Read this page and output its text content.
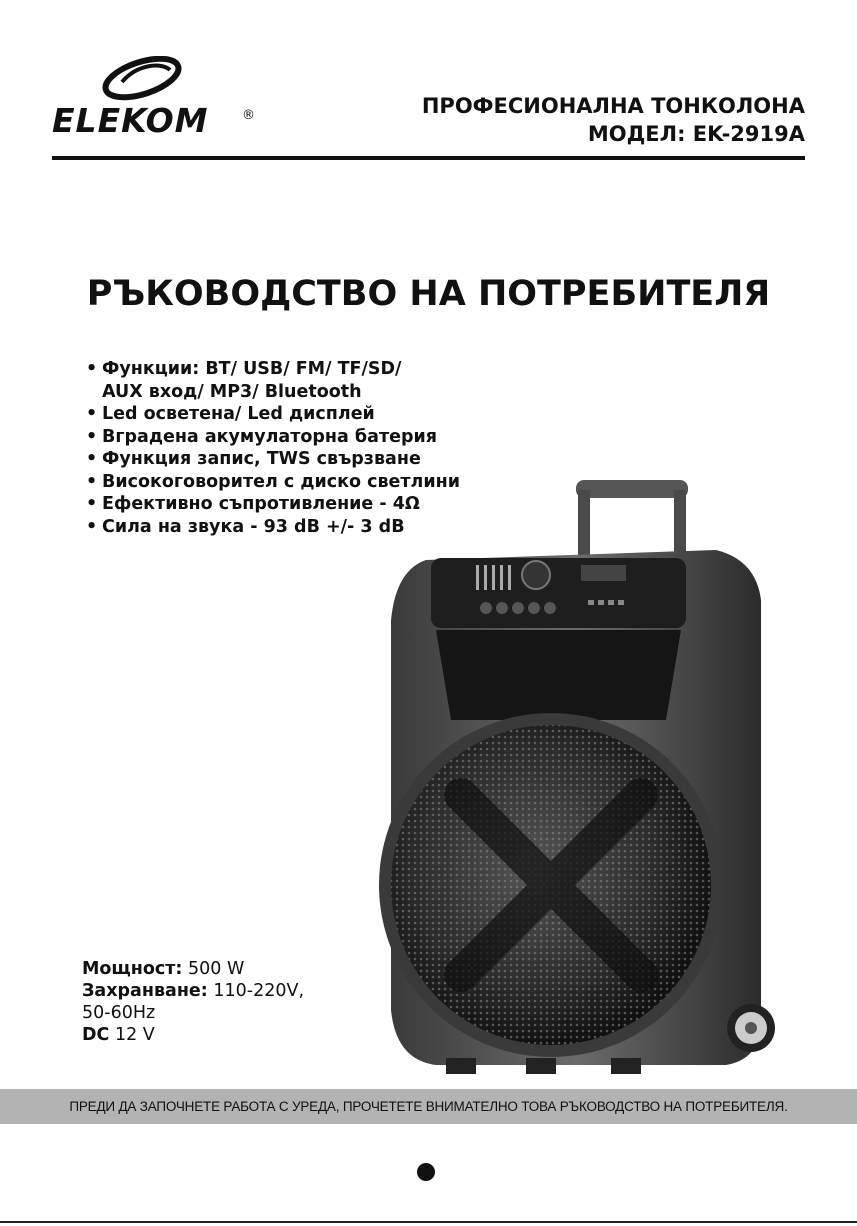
ELEKOM	®	ПРОФЕСИОНАЛНА ТОНКОЛОНА
МОДЕЛ: EK-2919A
РЪКОВОДСТВО НА ПОТРЕБИТЕЛЯ
• Функции: BT/ USB/ FM/ TF/SD/
AUX вход/ MP3/ Bluetooth
• Led осветена/ Led дисплей
• Вградена акумулаторна батерия
• Функция запис, TWS свързване
• Високоговорител с диско светлини
• Ефективно съпротивление - 4Ω
• Сила на звука - 93 dB +/- 3 dB
Мощност: 500 W
Захранване: 110-220V,
50-60Hz
DC 12 V
ПРЕДИ ДА ЗАПОЧНЕТЕ РАБОТА С УРЕДА, ПРОЧЕТЕТЕ ВНИМАТЕЛНО ТОВА РЪКОВОДСТВО НА ПОТРЕБИТЕЛЯ.
